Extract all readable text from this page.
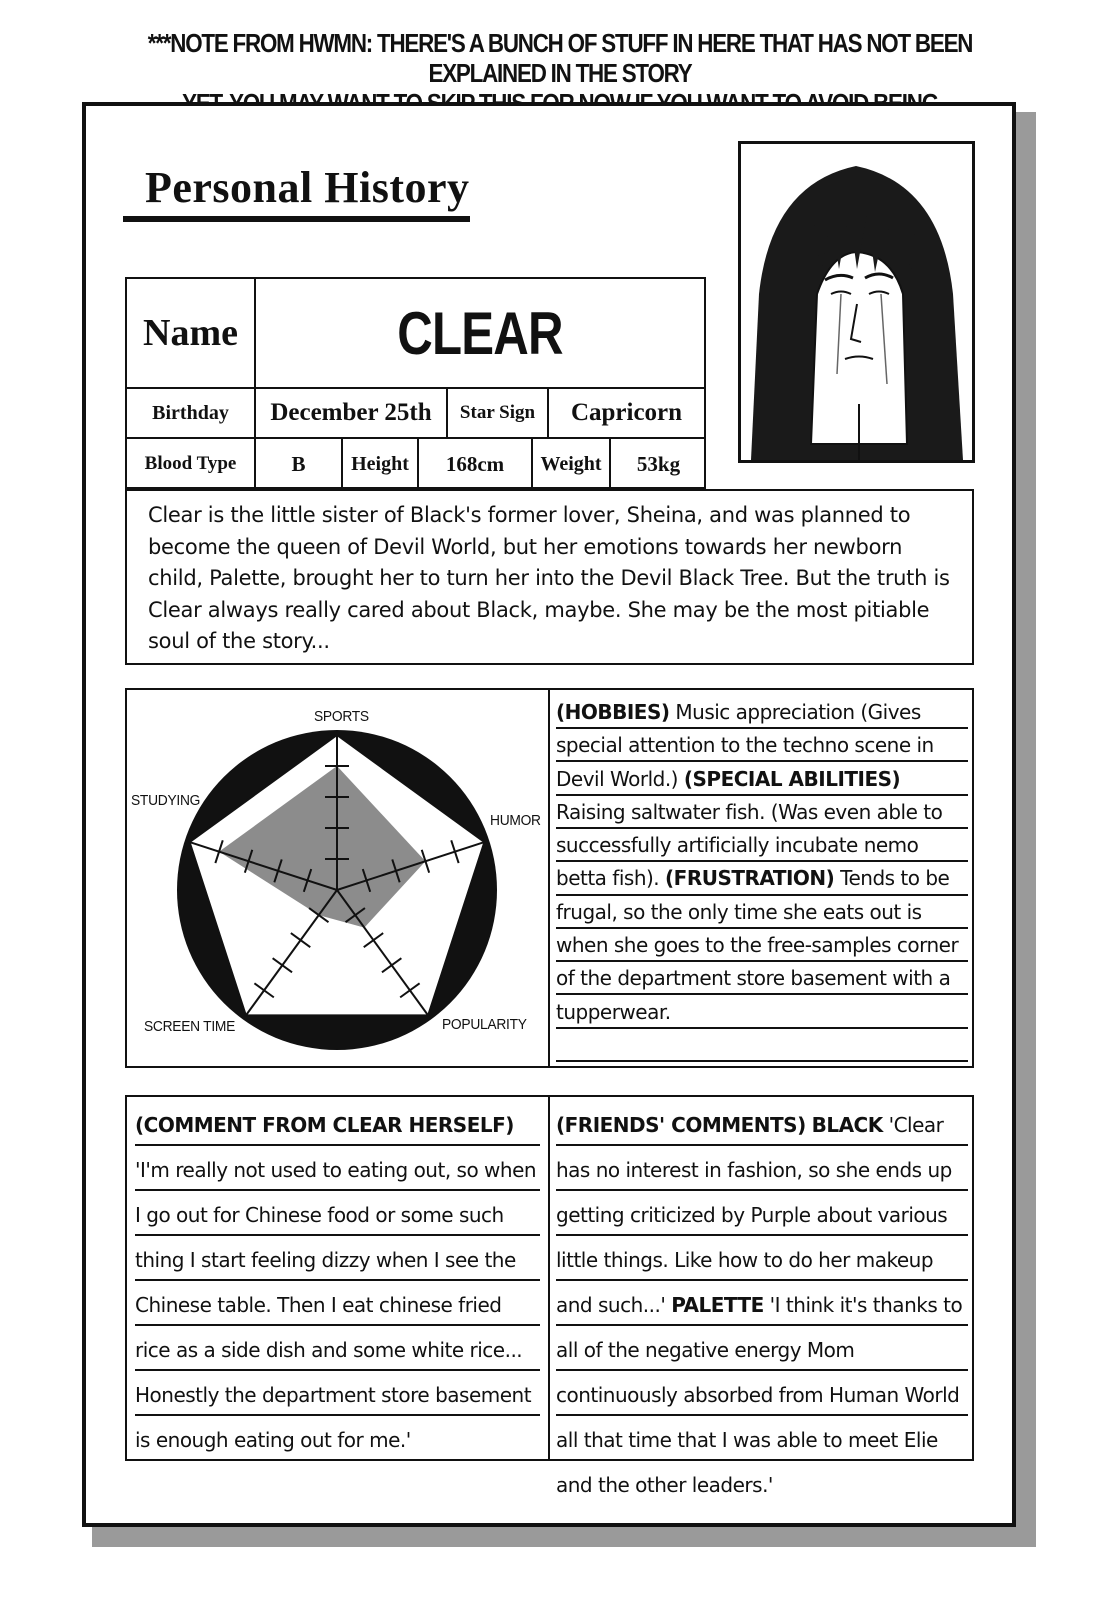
***NOTE FROM HWMN: THERE'S A BUNCH OF STUFF IN HERE THAT HAS NOT BEEN EXPLAINED IN THE STORY
Personal History
Name	CLEAR
Birthday	December 25th	Star Sign	Capricorn
Blood Type	B	Height	168cm	Weight	53kg
Clear is the little sister of Black's former lover, Sheina, and was planned to become the queen of Devil World, but her emotions towards her newborn child, Palette, brought her to turn her into the Devil Black Tree. But the truth is Clear always really cared about Black, maybe. She may be the most pitiable soul of the story...
SPORTS
HUMOR
POPULARITY
SCREEN TIME
STUDYING
(HOBBIES) Music appreciation (Gives special attention to the techno scene in Devil World.) (SPECIAL ABILITIES) Raising saltwater fish. (Was even able to successfully artificially incubate nemo betta fish). (FRUSTRATION) Tends to be frugal, so the only time she eats out is when she goes to the free-samples corner of the department store basement with a tupperwear.
(COMMENT FROM CLEAR HERSELF) 'I'm really not used to eating out, so when I go out for Chinese food or some such thing I start feeling dizzy when I see the Chinese table. Then I eat chinese fried rice as a side dish and some white rice... Honestly the department store basement is enough eating out for me.'
(FRIENDS' COMMENTS) BLACK 'Clear has no interest in fashion, so she ends up getting criticized by Purple about various little things. Like how to do her makeup and such...' PALETTE 'I think it's thanks to all of the negative energy Mom continuously absorbed from Human World all that time that I was able to meet Elie and the other leaders.'
